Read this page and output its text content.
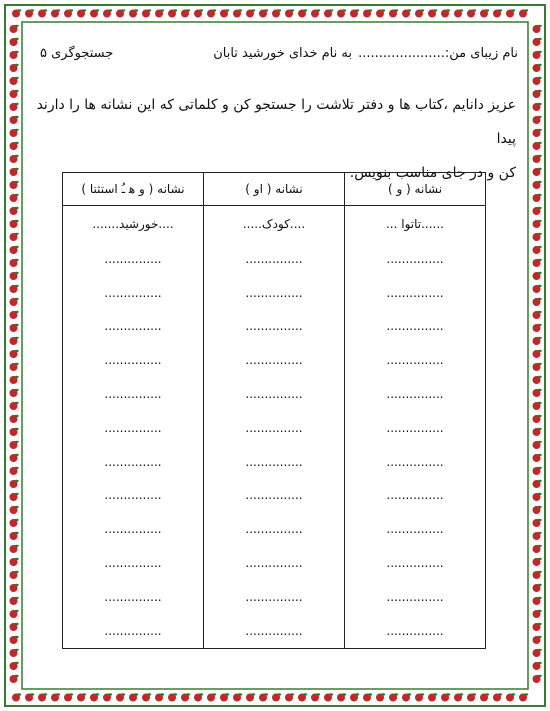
نام زیبای من:.....................
به نام خدای خورشید تابان
جستجوگری ۵
عزیز دانایم ،کتاب ها و دفتر تلاشت را جستجو کن و کلماتی که این نشانه ها را دارند پیدا
کن و در جای مناسب بنویس.
نشانه ( و )	نشانه ( او )	نشانه ( و ﻫ ـُ استثنا )
......تاتوا ...	....کودک.....	....خورشید.......
...............	...............	...............
...............	...............	...............
...............	...............	...............
...............	...............	...............
...............	...............	...............
...............	...............	...............
...............	...............	...............
...............	...............	...............
...............	...............	...............
...............	...............	...............
...............	...............	...............
...............	...............	...............
